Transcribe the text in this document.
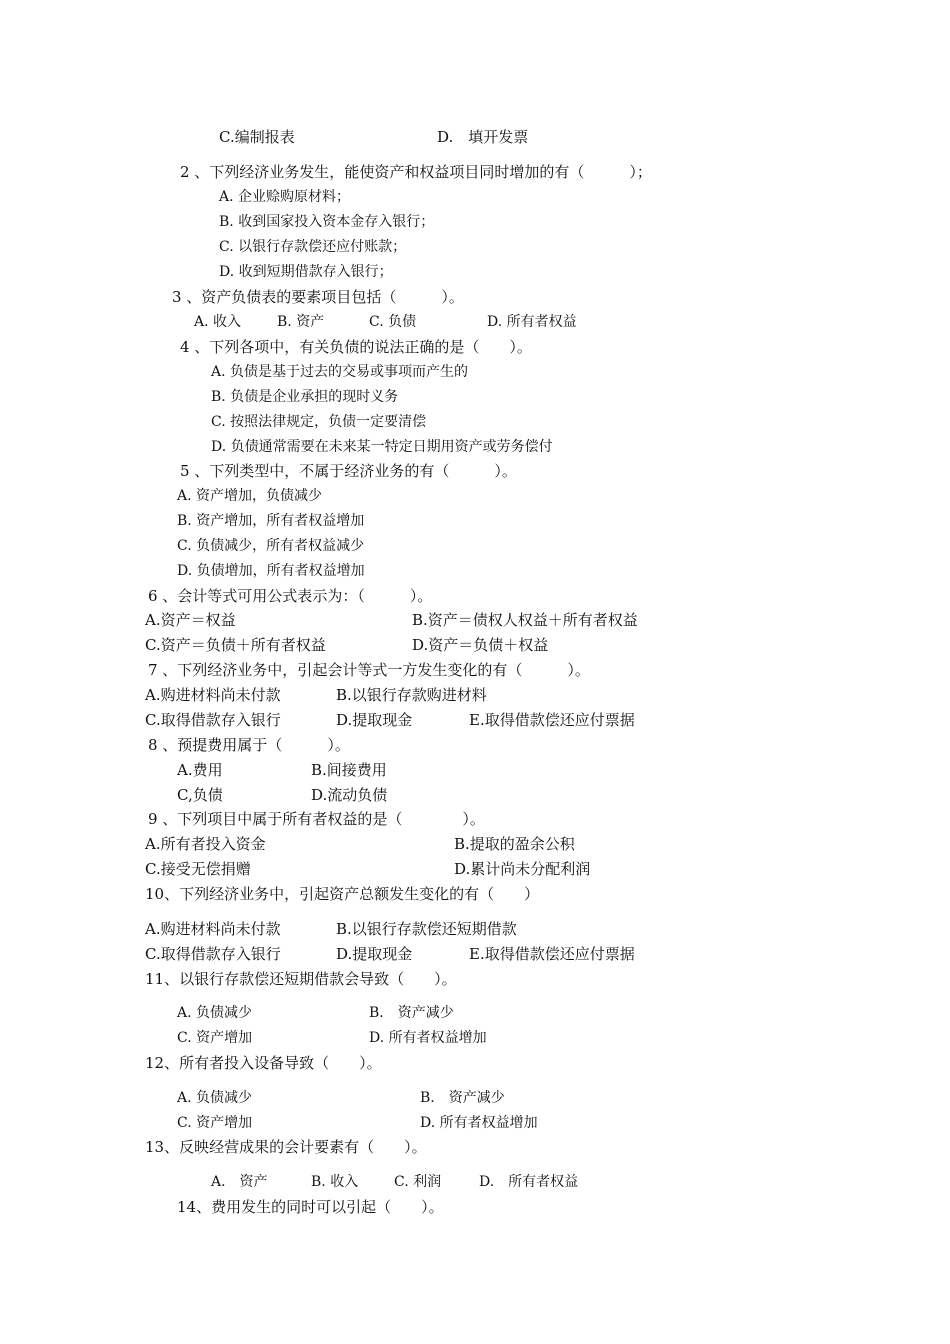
C.编制报表	D.　填开发票
2 、下列经济业务发生，能使资产和权益项目同时增加的有（　　　）；
A. 企业赊购原材料；
B. 收到国家投入资本金存入银行；
C. 以银行存款偿还应付账款；
D. 收到短期借款存入银行；
3 、资产负债表的要素项目包括（　　　）。
A. 收入	B. 资产	C. 负债	D. 所有者权益
4 、下列各项中，有关负债的说法正确的是（　　）。
A. 负债是基于过去的交易或事项而产生的
B. 负债是企业承担的现时义务
C. 按照法律规定，负债一定要清偿
D. 负债通常需要在未来某一特定日期用资产或劳务偿付
5 、下列类型中，不属于经济业务的有（　　　）。
A. 资产增加，负债减少
B. 资产增加，所有者权益增加
C. 负债减少，所有者权益减少
D. 负债增加，所有者权益增加
6 、会计等式可用公式表示为：（　　　）。
A.资产＝权益	B.资产＝债权人权益＋所有者权益
C.资产＝负债＋所有者权益	D.资产＝负债＋权益
7 、下列经济业务中，引起会计等式一方发生变化的有（　　　）。
A.购进材料尚未付款	B.以银行存款购进材料
C.取得借款存入银行	D.提取现金	E.取得借款偿还应付票据
8 、预提费用属于（　　　）。
A.费用	B.间接费用
C,负债	D.流动负债
9 、下列项目中属于所有者权益的是（　　　　）。
A.所有者投入资金	B.提取的盈余公积
C.接受无偿捐赠	D.累计尚未分配利润
10、下列经济业务中，引起资产总额发生变化的有（　　）
A.购进材料尚未付款	B.以银行存款偿还短期借款
C.取得借款存入银行	D.提取现金	E.取得借款偿还应付票据
11、以银行存款偿还短期借款会导致（　　）。
A. 负债减少	B.　资产减少
C. 资产增加	D. 所有者权益增加
12、所有者投入设备导致（　　）。
A. 负债减少	B.　资产减少
C. 资产增加	D. 所有者权益增加
13、反映经营成果的会计要素有（　　）。
A.　资产	B. 收入	C. 利润	D.　所有者权益
14、费用发生的同时可以引起（　　）。
